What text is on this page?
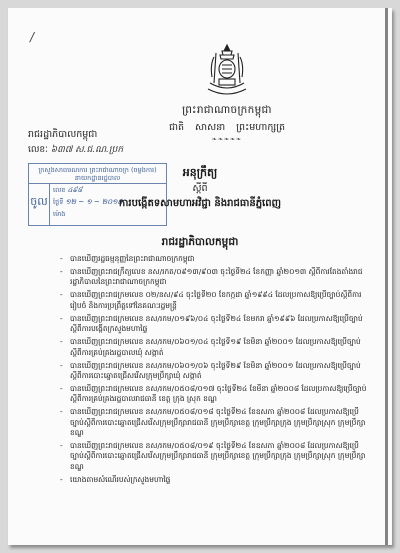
/
ព្រះរាជាណាចក្រកម្ពុជា
ជាតិ សាសនា ព្រះមហាក្សត្រ
❧❧❧❧❧
រាជរដ្ឋាភិបាលកម្ពុជា
លេខៈ ៦៣៧ ស.ជ.ណ.ប្រក
ក្រសួងសាធារណការ ព្រះរាជាណាចក្រ (ចម្លងការ)
នាយកដ្ឋានរដ្ឋបាល
ចូល
លេខ ៤៩៨
ថ្ងៃទី ១២ ~ ១ ~ ២០១៥
ម៉ោង
អនុក្រឹត្យ
ស្តីពី
ការបង្កើតទសាមហាអវិជ្ជា និងរាជធានីភ្នំពេញ
រាជរដ្ឋាភិបាលកម្ពុជា
- បានឃើញរដ្ឋធម្មនុញ្ញនៃព្រះរាជាណាចក្រកម្ពុជា
- បានឃើញព្រះរាជក្រឹត្យលេខ នស/រកត/០៩១៣/៩០៣ ចុះថ្ងៃទី២៤ ខែកញ្ញា ឆ្នាំ២០១៣ ស្តីពីការតែងតាំងរាជរដ្ឋាភិបាលនៃព្រះរាជាណាចក្រកម្ពុជា
- បានឃើញព្រះរាជក្រមលេខ ០២/នស/៩៤ ចុះថ្ងៃទី២០ ខែកក្កដា ឆ្នាំ១៩៩៤ ដែលប្រកាសឱ្យប្រើច្បាប់ស្តីពីការរៀបចំ និងការប្រព្រឹត្តទៅនៃគណៈរដ្ឋមន្ត្រី
- បានឃើញព្រះរាជក្រមលេខ នស/រកម/០១៩៦/០៤ ចុះថ្ងៃទី២៤ ខែមករា ឆ្នាំ១៩៩៦ ដែលប្រកាសឱ្យប្រើច្បាប់ស្តីពីការបង្កើតក្រសួងមហាផ្ទៃ
- បានឃើញព្រះរាជក្រមលេខ នស/រកម/០៦០១/០៤ ចុះថ្ងៃទី១៩ ខែមិនា ឆ្នាំ២០០១ ដែលប្រកាសឱ្យប្រើច្បាប់ស្តីពីការគ្រប់គ្រងរដ្ឋបាលឃុំ សង្កាត់
- បានឃើញព្រះរាជក្រមលេខ នស/រកម/០៦០១/០៦ ចុះថ្ងៃទី២៩ ខែមិនា ឆ្នាំ២០០១ ដែលប្រកាសឱ្យប្រើច្បាប់ស្តីពីការបោះឆ្នោតជ្រើសរើសក្រុមប្រឹក្សាឃុំ សង្កាត់
- បានឃើញព្រះរាជក្រមលេខ នស/រកម/០៥០៨/០១៧ ចុះថ្ងៃទី២៤ ខែមីនា ឆ្នាំ២០០៨ ដែលប្រកាសឱ្យប្រើច្បាប់ស្តីពីការគ្រប់គ្រងរដ្ឋបាលរាជធានី ខេត្ត ក្រុង ស្រុក ខណ្ឌ
- បានឃើញព្រះរាជក្រមលេខ នស/រកម/០៥០៨/០១៨ ចុះថ្ងៃទី២៤ ខែឧសភា ឆ្នាំ២០០៨ ដែលប្រកាសឱ្យប្រើច្បាប់ស្តីពីការបោះឆ្នោតជ្រើសរើសក្រុមប្រឹក្សារាជធានី ក្រុមប្រឹក្សាខេត្ត ក្រុមប្រឹក្សាក្រុង ក្រុមប្រឹក្សាស្រុក ក្រុមប្រឹក្សាខណ្ឌ
- បានឃើញព្រះរាជក្រមលេខ នស/រកម/០៥០៨/០១៩ ចុះថ្ងៃទី២៤ ខែឧសភា ឆ្នាំ២០០៨ ដែលប្រកាសឱ្យប្រើច្បាប់ស្តីពីការបោះឆ្នោតជ្រើសរើសក្រុមប្រឹក្សារាជធានី ក្រុមប្រឹក្សាខេត្ត ក្រុមប្រឹក្សាក្រុង ក្រុមប្រឹក្សាស្រុក ក្រុមប្រឹក្សាខណ្ឌ
- យោងតាមសំណើរបស់ក្រសួងមហាផ្ទៃ
